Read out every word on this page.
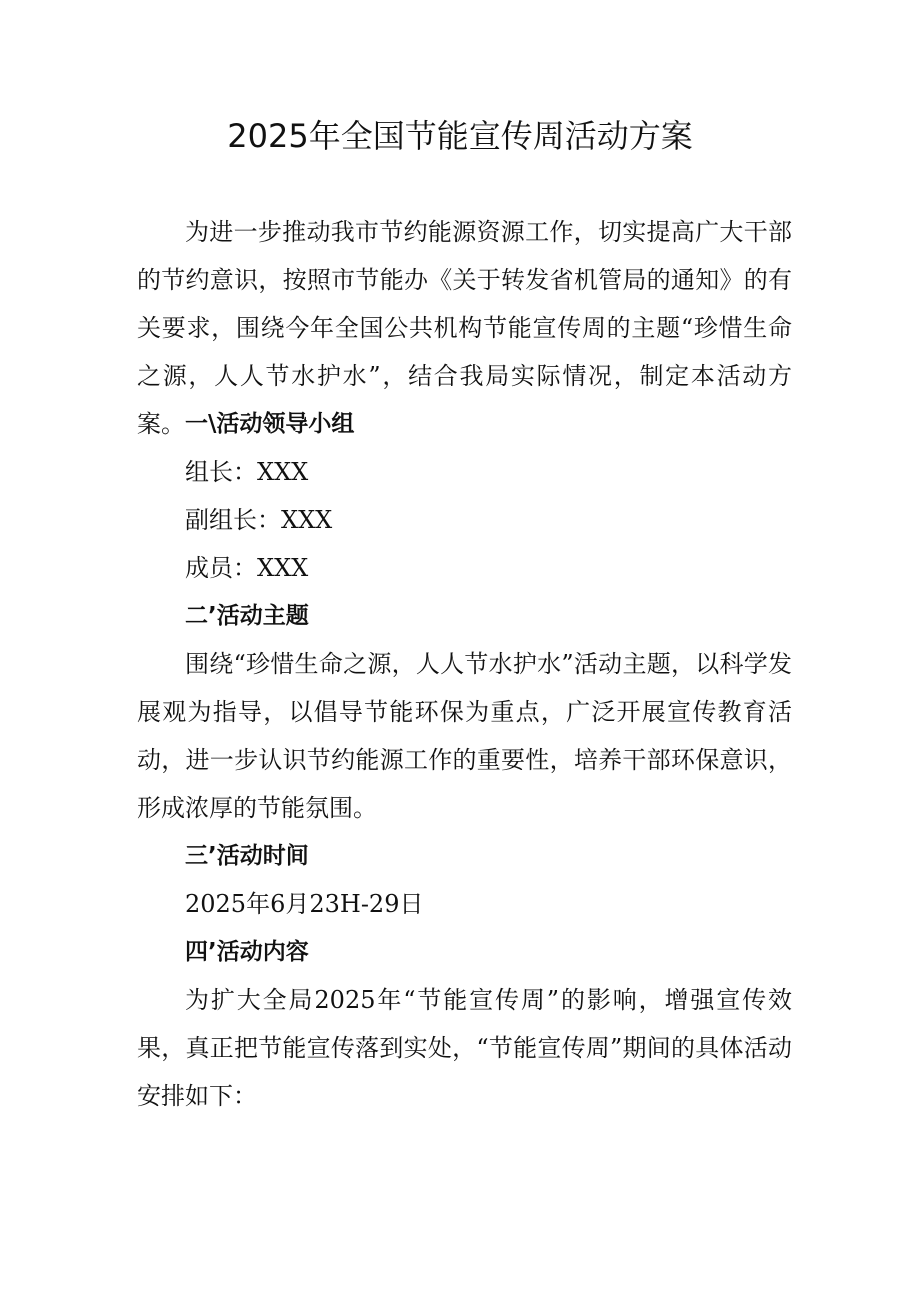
2025年全国节能宣传周活动方案
为进一步推动我市节约能源资源工作，切实提高广大干部的节约意识，按照市节能办《关于转发省机管局的通知》的有关要求，围绕今年全国公共机构节能宣传周的主题“珍惜生命之源，人人节水护水”，结合我局实际情况，制定本活动方案。 一\活动领导小组
组长：XXX
副组长：XXX
成员：XXX
二’活动主题
围绕“珍惜生命之源，人人节水护水”活动主题，以科学发展观为指导，以倡导节能环保为重点，广泛开展宣传教育活动，进一步认识节约能源工作的重要性，培养干部环保意识，形成浓厚的节能氛围。
三’活动时间
2025年6月23H-29日
四’活动内容
为扩大全局2025年“节能宣传周”的影响，增强宣传效果，真正把节能宣传落到实处，“节能宣传周”期间的具体活动安排如下：
